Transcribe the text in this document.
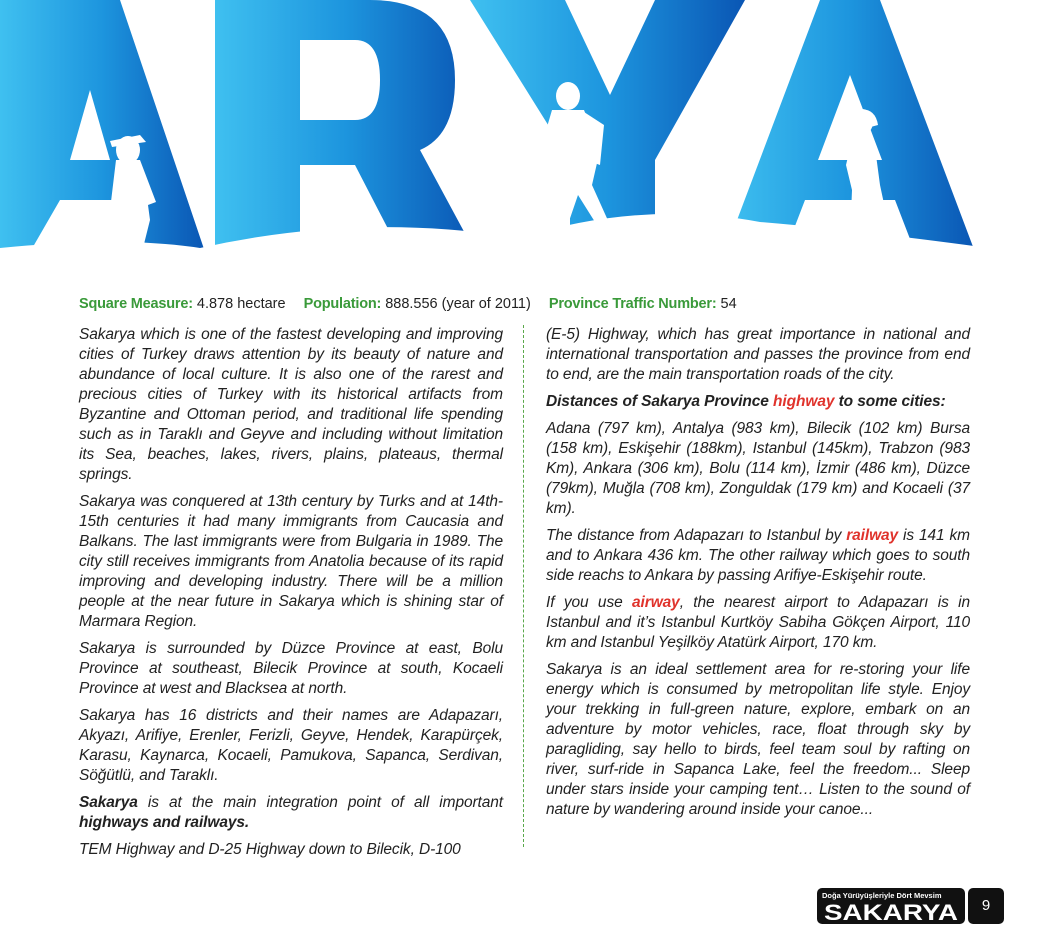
Square Measure: 4.878 hectare Population: 888.556 (year of 2011) Province Traffic Number: 54

Sakarya which is one of the fastest developing and improving cities of Turkey draws attention by its beauty of nature and abundance of local culture. It is also one of the rarest and precious cities of Turkey with its historical artifacts from Byzantine and Ottoman period, and traditional life spending such as in Taraklı and Geyve and including without limitation its Sea, beaches, lakes, rivers, plains, plateaus, thermal springs.

Sakarya was conquered at 13th century by Turks and at 14th-15th centuries it had many immigrants from Caucasia and Balkans. The last immigrants were from Bulgaria in 1989. The city still receives immigrants from Anatolia because of its rapid improving and developing industry. There will be a million people at the near future in Sakarya which is shining star of Marmara Region.

Sakarya is surrounded by Düzce Province at east, Bolu Province at southeast, Bilecik Province at south, Kocaeli Province at west and Blacksea at north.

Sakarya has 16 districts and their names are Adapazarı, Akyazı, Arifiye, Erenler, Ferizli, Geyve, Hendek, Karapürçek, Karasu, Kaynarca, Kocaeli, Pamukova, Sapanca, Serdivan, Söğütlü, and Taraklı.

Sakarya is at the main integration point of all important highways and railways.

TEM Highway and D-25 Highway down to Bilecik, D-100

(E-5) Highway, which has great importance in national and international transportation and passes the province from end to end, are the main transportation roads of the city.

Distances of Sakarya Province highway to some cities:

Adana (797 km), Antalya (983 km), Bilecik (102 km) Bursa (158 km), Eskişehir (188km), Istanbul (145km), Trabzon (983 Km), Ankara (306 km), Bolu (114 km), İzmir (486 km), Düzce (79km), Muğla (708 km), Zonguldak (179 km) and Kocaeli (37 km).

The distance from Adapazarı to Istanbul by railway is 141 km and to Ankara 436 km. The other railway which goes to south side reachs to Ankara by passing Arifiye-Eskişehir route.

If you use airway, the nearest airport to Adapazarı is in Istanbul and it’s Istanbul Kurtköy Sabiha Gökçen Airport, 110 km and Istanbul Yeşilköy Atatürk Airport, 170 km.

Sakarya is an ideal settlement area for re-storing your life energy which is consumed by metropolitan life style. Enjoy your trekking in full-green nature, explore, embark on an adventure by motor vehicles, race, float through sky by paragliding, say hello to birds, feel team soul by rafting on river, surf-ride in Sapanca Lake, feel the freedom... Sleep under stars inside your camping tent… Listen to the sound of nature by wandering around inside your canoe...

Doğa Yürüyüşleriyle Dört Mevsim
SAKARYA	9
